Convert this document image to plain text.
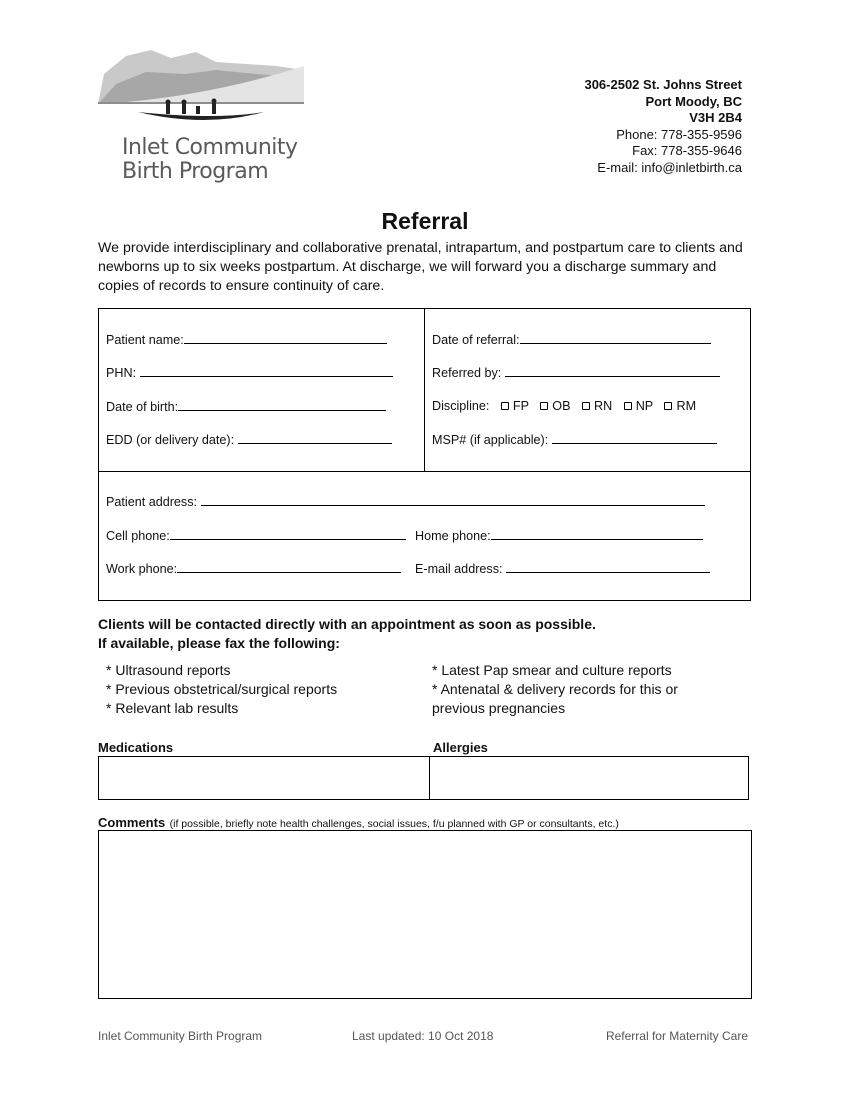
Inlet Community
Birth Program
306-2502 St. Johns Street
Port Moody, BC
V3H 2B4
Phone: 778-355-9596
Fax: 778-355-9646
E-mail: info@inletbirth.ca
Referral
We provide interdisciplinary and collaborative prenatal, intrapartum, and postpartum care to clients and newborns up to six weeks postpartum. At discharge, we will forward you a discharge summary and copies of records to ensure continuity of care.
Patient name:
PHN:
Date of birth:
EDD (or delivery date):
Date of referral:
Referred by:
Discipline: FP OB RN NP RM
MSP# (if applicable):
Patient address:
Cell phone:	Home phone:
Work phone:	E-mail address:
Clients will be contacted directly with an appointment as soon as possible.
If available, please fax the following:
* Ultrasound reports
* Previous obstetrical/surgical reports
* Relevant lab results
* Latest Pap smear and culture reports
* Antenatal & delivery records for this or
previous pregnancies
Medications	Allergies
Comments (if possible, briefly note health challenges, social issues, f/u planned with GP or consultants, etc.)
Inlet Community Birth Program	Last updated: 10 Oct 2018	Referral for Maternity Care
